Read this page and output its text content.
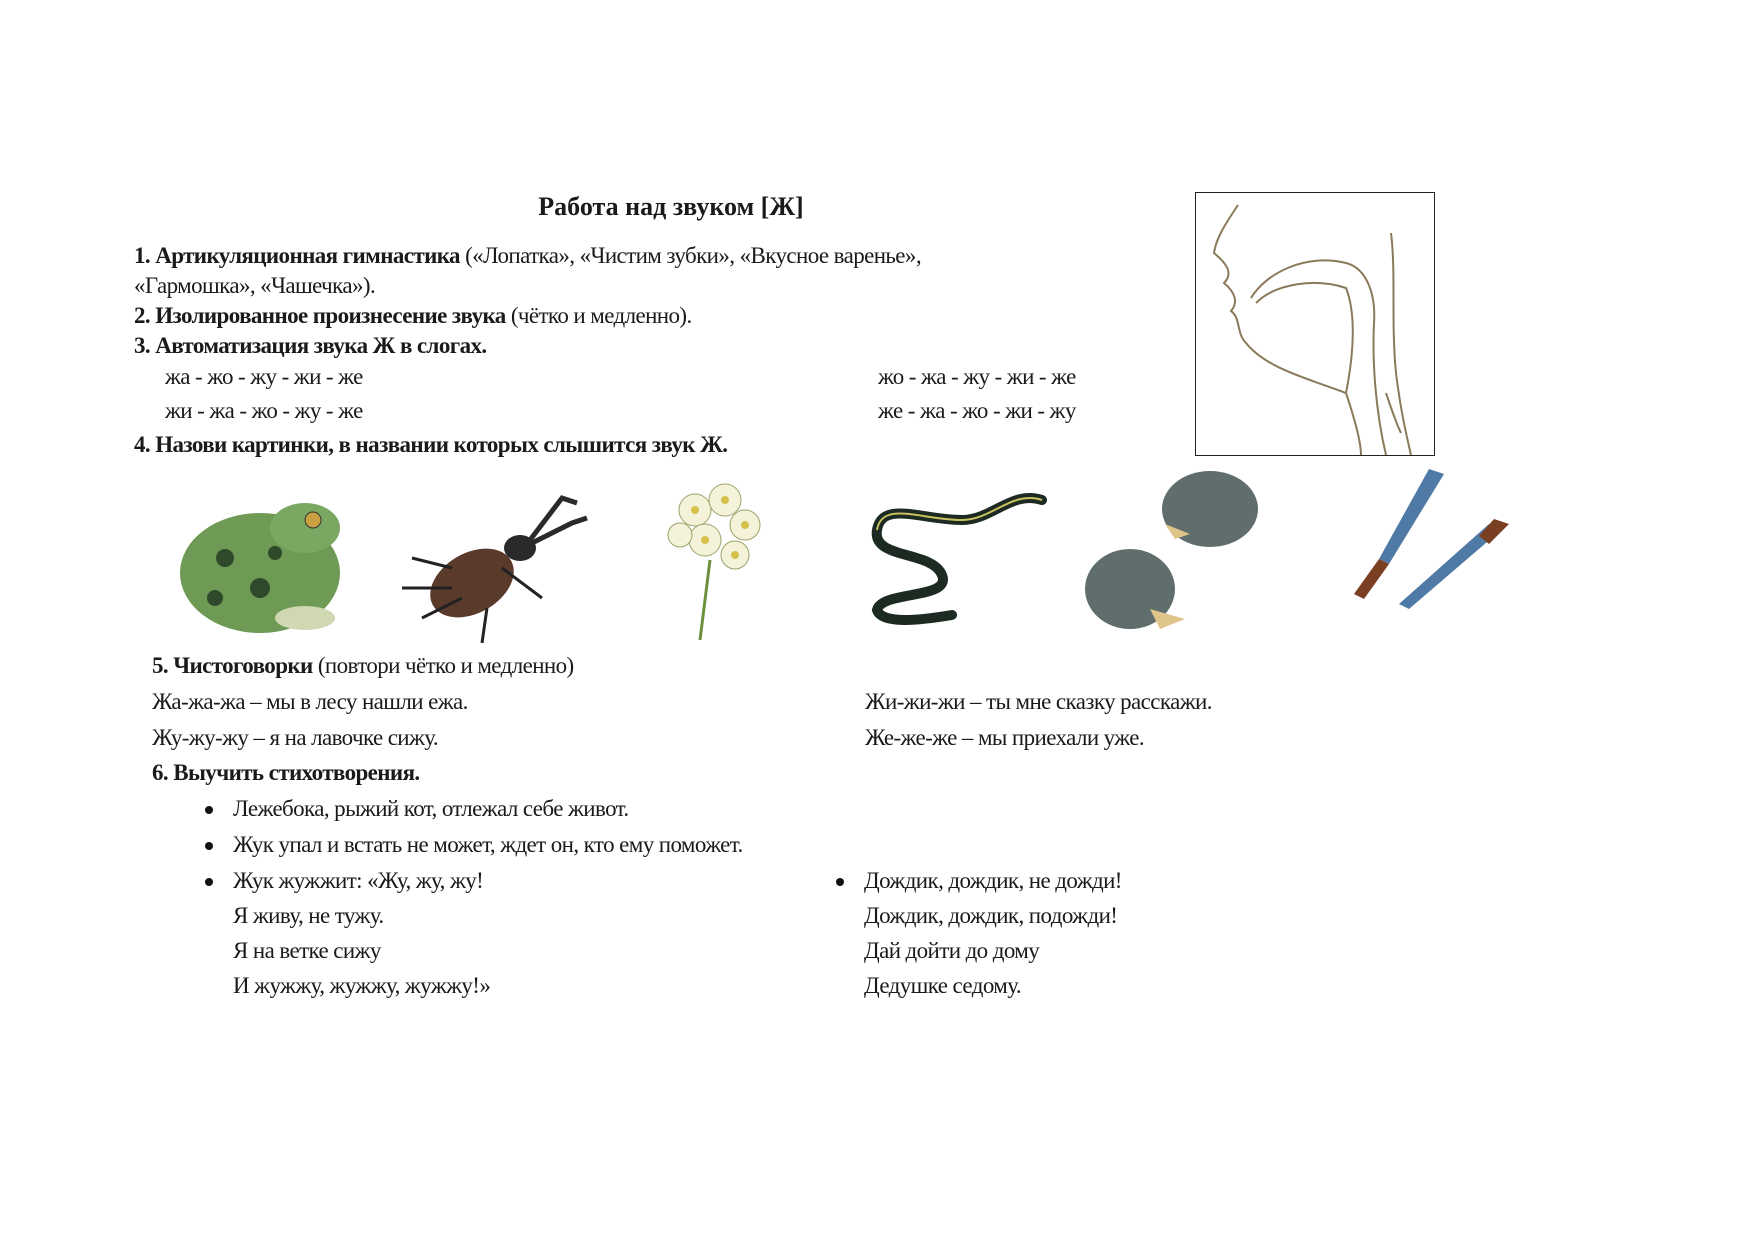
Работа над звуком [Ж]
1. Артикуляционная гимнастика («Лопатка», «Чистим зубки», «Вкусное варенье»,
«Гармошка», «Чашечка»).
2. Изолированное произнесение звука (чётко и медленно).
3. Автоматизация звука Ж в слогах.
жа - жо - жу - жи - же	жо - жа - жу - жи - же
жи - жа - жо - жу - же	же - жа - жо - жи - жу
4. Назови картинки, в названии которых слышится звук Ж.
5. Чистоговорки (повтори чётко и медленно)
Жа-жа-жа – мы в лесу нашли ежа.	Жи-жи-жи – ты мне сказку расскажи.
Жу-жу-жу – я на лавочке сижу.	Же-же-же – мы приехали уже.
6. Выучить стихотворения.
Лежебока, рыжий кот, отлежал себе живот.
Жук упал и встать не может, ждет он, кто ему поможет.
Жук жужжит: «Жу, жу, жу!
Я живу, не тужу.
Я на ветке сижу
И жужжу, жужжу, жужжу!»
Дождик, дождик, не дожди!
Дождик, дождик, подожди!
Дай дойти до дому
Дедушке седому.
